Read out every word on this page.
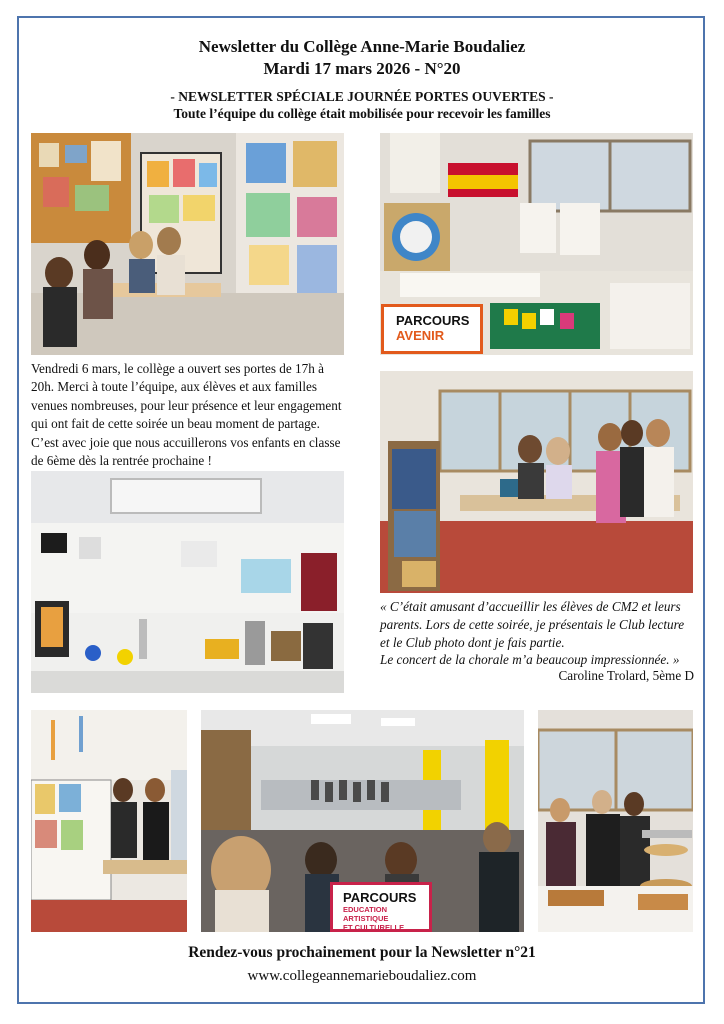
Newsletter du Collège Anne-Marie Boudaliez
Mardi 17 mars 2026 - N°20
- NEWSLETTER SPÉCIALE JOURNÉE PORTES OUVERTES -
Toute l’équipe du collège était mobilisée pour recevoir les familles
PARCOURS
AVENIR

Vendredi 6 mars, le collège a ouvert ses portes de 17h à 20h. Merci à toute l’équipe, aux élèves et aux familles venues nombreuses, pour leur présence et leur engagement qui ont fait de cette soirée un beau moment de partage.

C’est avec joie que nous accuillerons vos enfants en classe de 6ème dès la rentrée prochaine !

« C’était amusant d’accueillir les élèves de CM2 et leurs parents. Lors de cette soirée, je présentais le Club lecture et le Club photo dont je fais partie.

Le concert de la chorale m’a beaucoup impressionnée. »

Caroline Trolard, 5ème D
PARCOURS
EDUCATION ARTISTIQUE
ET CULTURELLE
Rendez-vous prochainement pour la Newsletter n°21
www.collegeannemarieboudaliez.com
